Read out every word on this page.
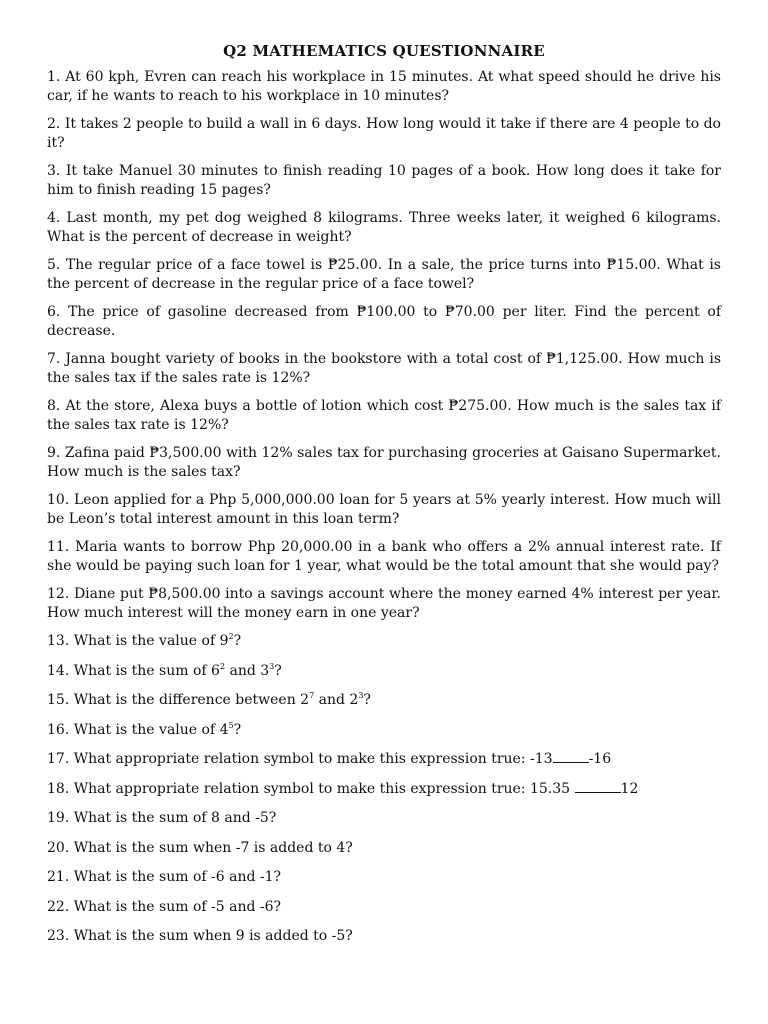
Q2 MATHEMATICS QUESTIONNAIRE

1. At 60 kph, Evren can reach his workplace in 15 minutes. At what speed should he drive his car, if he wants to reach to his workplace in 10 minutes?

2. It takes 2 people to build a wall in 6 days. How long would it take if there are 4 people to do it?

3. It take Manuel 30 minutes to finish reading 10 pages of a book. How long does it take for him to finish reading 15 pages?

4. Last month, my pet dog weighed 8 kilograms. Three weeks later, it weighed 6 kilograms. What is the percent of decrease in weight?

5. The regular price of a face towel is ₱25.00. In a sale, the price turns into ₱15.00. What is the percent of decrease in the regular price of a face towel?

6. The price of gasoline decreased from ₱100.00 to ₱70.00 per liter. Find the percent of decrease.

7. Janna bought variety of books in the bookstore with a total cost of ₱1,125.00. How much is the sales tax if the sales rate is 12%?

8. At the store, Alexa buys a bottle of lotion which cost ₱275.00. How much is the sales tax if the sales tax rate is 12%?

9. Zafina paid ₱3,500.00 with 12% sales tax for purchasing groceries at Gaisano Supermarket. How much is the sales tax?

10. Leon applied for a Php 5,000,000.00 loan for 5 years at 5% yearly interest. How much will be Leon’s total interest amount in this loan term?

11. Maria wants to borrow Php 20,000.00 in a bank who offers a 2% annual interest rate. If she would be paying such loan for 1 year, what would be the total amount that she would pay?

12. Diane put ₱8,500.00 into a savings account where the money earned 4% interest per year. How much interest will the money earn in one year?

13. What is the value of $9^2$?

14. What is the sum of $6^2$ and $3^3$?

15. What is the difference between $2^7$ and $2^3$?

16. What is the value of $4^5$?

17. What appropriate relation symbol to make this expression true: -13	-16

18. What appropriate relation symbol to make this expression true: 15.35	12

19. What is the sum of 8 and -5?

20. What is the sum when -7 is added to 4?

21. What is the sum of -6 and -1?

22. What is the sum of -5 and -6?

23. What is the sum when 9 is added to -5?
